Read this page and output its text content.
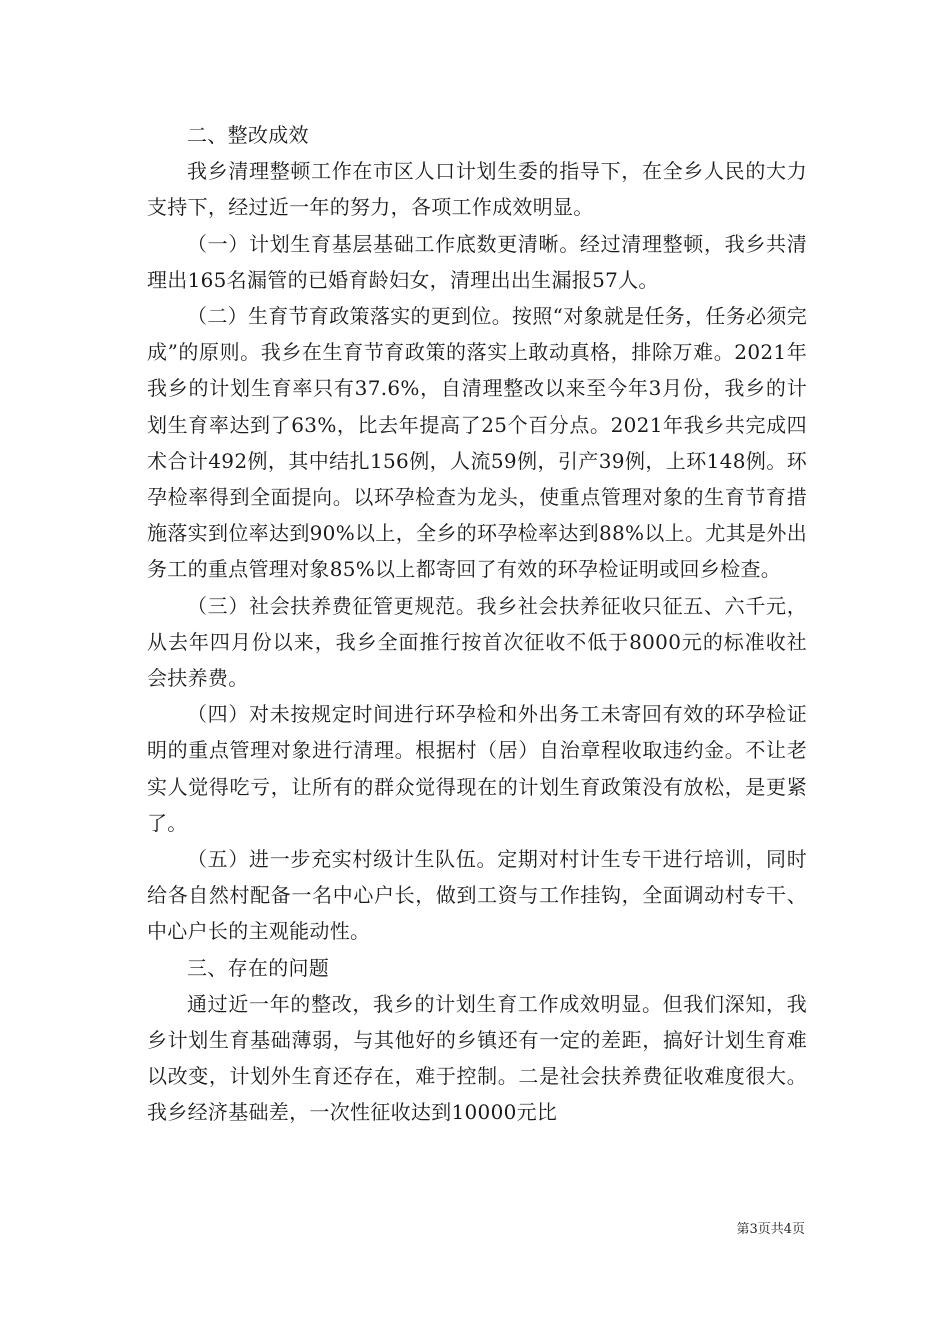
二、整改成效

我乡清理整顿工作在市区人口计划生委的指导下，在全乡人民的大力支持下，经过近一年的努力，各项工作成效明显。

（一）计划生育基层基础工作底数更清晰。经过清理整顿，我乡共清理出165名漏管的已婚育龄妇女，清理出出生漏报57人。

（二）生育节育政策落实的更到位。按照“对象就是任务，任务必须完成”的原则。我乡在生育节育政策的落实上敢动真格，排除万难。2021年我乡的计划生育率只有37.6%，自清理整改以来至今年3月份，我乡的计划生育率达到了63%，比去年提高了25个百分点。2021年我乡共完成四术合计492例，其中结扎156例，人流59例，引产39例，上环148例。环孕检率得到全面提向。以环孕检查为龙头，使重点管理对象的生育节育措施落实到位率达到90%以上，全乡的环孕检率达到88%以上。尤其是外出务工的重点管理对象85%以上都寄回了有效的环孕检证明或回乡检查。

（三）社会扶养费征管更规范。我乡社会扶养征收只征五、六千元，从去年四月份以来，我乡全面推行按首次征收不低于8000元的标准收社会扶养费。

（四）对未按规定时间进行环孕检和外出务工未寄回有效的环孕检证明的重点管理对象进行清理。根据村（居）自治章程收取违约金。不让老实人觉得吃亏，让所有的群众觉得现在的计划生育政策没有放松，是更紧了。

（五）进一步充实村级计生队伍。定期对村计生专干进行培训，同时给各自然村配备一名中心户长，做到工资与工作挂钩，全面调动村专干、中心户长的主观能动性。

三、存在的问题

通过近一年的整改，我乡的计划生育工作成效明显。但我们深知，我乡计划生育基础薄弱，与其他好的乡镇还有一定的差距，搞好计划生育难以改变，计划外生育还存在，难于控制。二是社会扶养费征收难度很大。我乡经济基础差，一次性征收达到10000元比

第3页共4页
